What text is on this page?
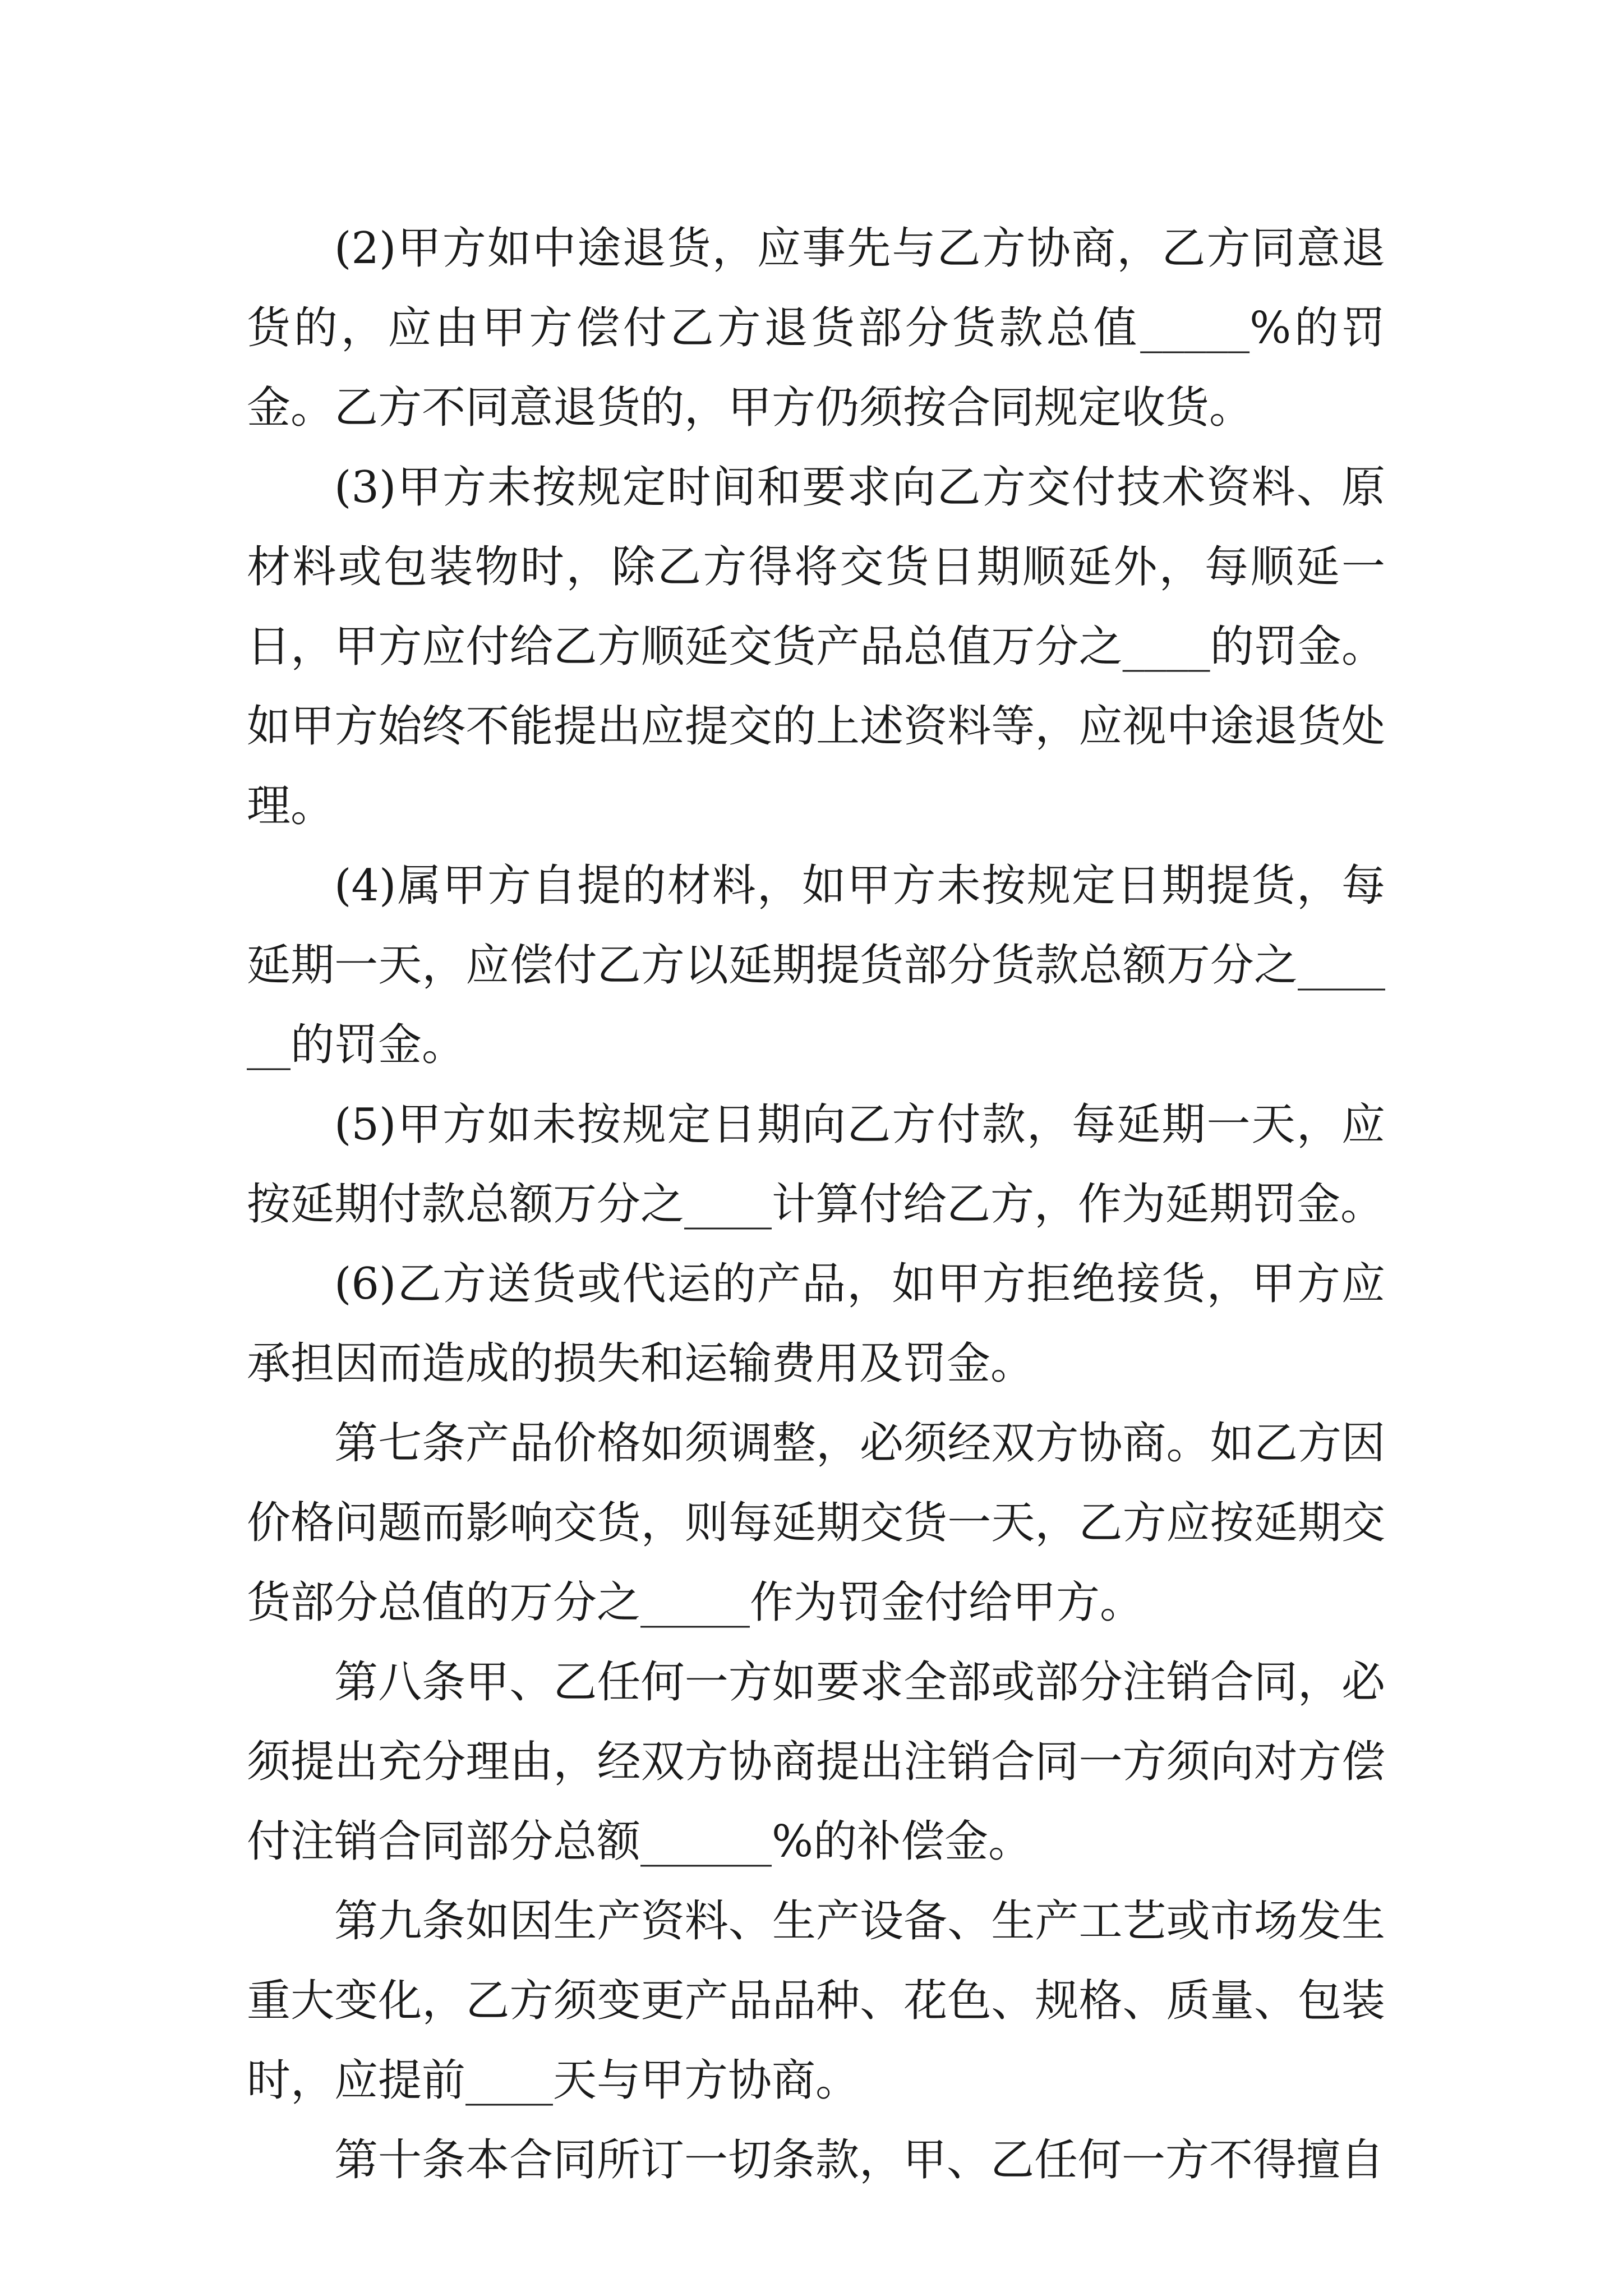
(2)甲方如中途退货，应事先与乙方协商，乙方同意退货的，应由甲方偿付乙方退货部分货款总值_____%的罚金。乙方不同意退货的，甲方仍须按合同规定收货。

(3)甲方未按规定时间和要求向乙方交付技术资料、原材料或包装物时，除乙方得将交货日期顺延外，每顺延一日，甲方应付给乙方顺延交货产品总值万分之____的罚金。如甲方始终不能提出应提交的上述资料等，应视中途退货处理。

(4)属甲方自提的材料，如甲方未按规定日期提货，每延期一天，应偿付乙方以延期提货部分货款总额万分之______的罚金。

(5)甲方如未按规定日期向乙方付款，每延期一天，应按延期付款总额万分之____计算付给乙方，作为延期罚金。

(6)乙方送货或代运的产品，如甲方拒绝接货，甲方应承担因而造成的损失和运输费用及罚金。

第七条产品价格如须调整，必须经双方协商。如乙方因价格问题而影响交货，则每延期交货一天，乙方应按延期交货部分总值的万分之_____作为罚金付给甲方。

第八条甲、乙任何一方如要求全部或部分注销合同，必须提出充分理由，经双方协商提出注销合同一方须向对方偿付注销合同部分总额______%的补偿金。

第九条如因生产资料、生产设备、生产工艺或市场发生重大变化，乙方须变更产品品种、花色、规格、质量、包装时，应提前____天与甲方协商。

第十条本合同所订一切条款，甲、乙任何一方不得擅自
